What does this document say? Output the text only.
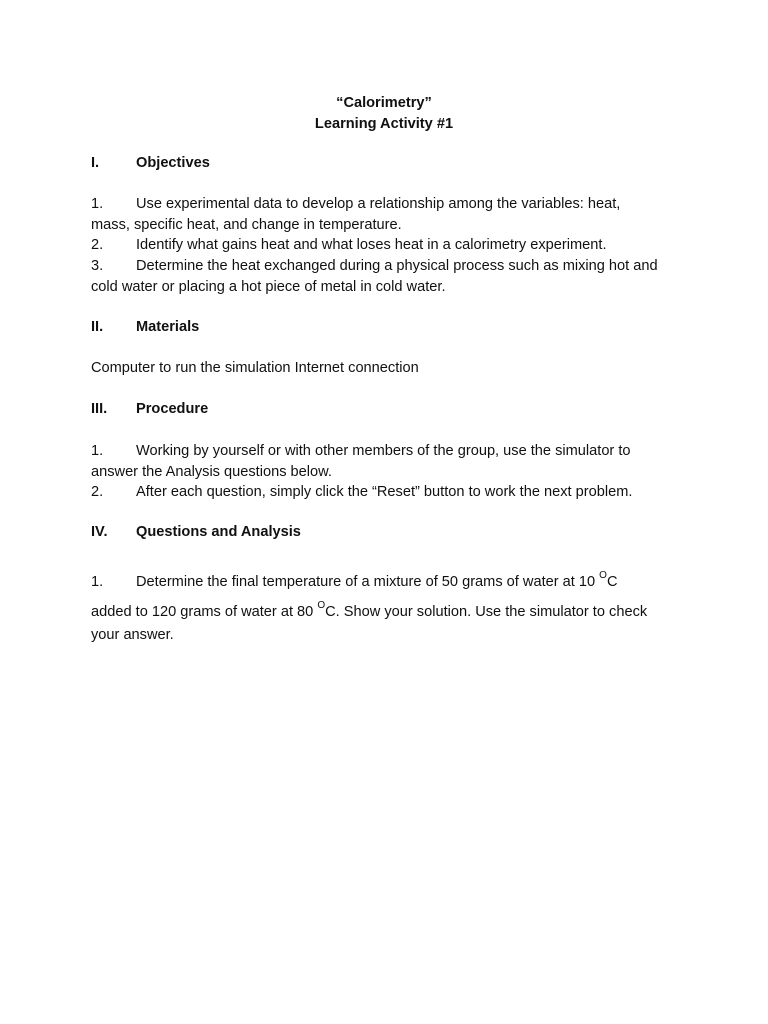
“Calorimetry”
Learning Activity #1
I.	Objectives
1. Use experimental data to develop a relationship among the variables: heat,
mass, specific heat, and change in temperature.
2. Identify what gains heat and what loses heat in a calorimetry experiment.
3. Determine the heat exchanged during a physical process such as mixing hot and
cold water or placing a hot piece of metal in cold water.
II. Materials
Computer to run the simulation Internet connection
III. Procedure
1. Working by yourself or with other members of the group, use the simulator to
answer the Analysis questions below.
2. After each question, simply click the “Reset” button to work the next problem.
IV. Questions and Analysis
1. Determine the final temperature of a mixture of 50 grams of water at 10 $^O$C
added to 120 grams of water at 80 $^O$C. Show your solution. Use the simulator to check
your answer.
